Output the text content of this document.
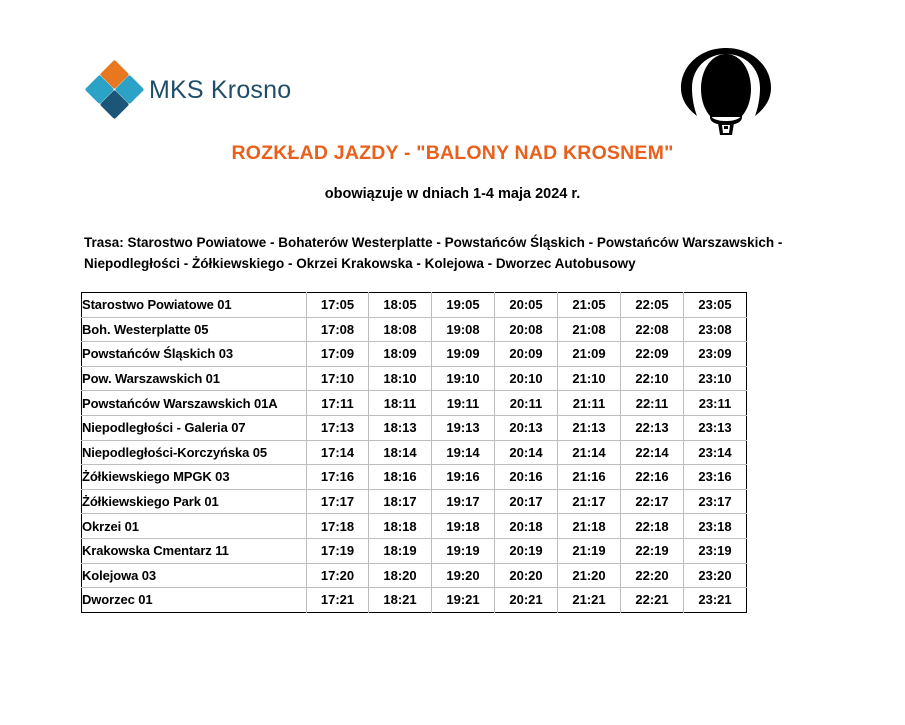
MKS Krosno
ROZKŁAD JAZDY - "BALONY NAD KROSNEM"
obowiązuje w dniach 1-4 maja 2024 r.
Trasa: Starostwo Powiatowe - Bohaterów Westerplatte - Powstańców Śląskich - Powstańców Warszawskich -
Niepodległości - Żółkiewskiego - Okrzei Krakowska - Kolejowa - Dworzec Autobusowy
Starostwo Powiatowe 01	17:05	18:05	19:05	20:05	21:05	22:05	23:05
Boh. Westerplatte 05	17:08	18:08	19:08	20:08	21:08	22:08	23:08
Powstańców Śląskich 03	17:09	18:09	19:09	20:09	21:09	22:09	23:09
Pow. Warszawskich 01	17:10	18:10	19:10	20:10	21:10	22:10	23:10
Powstańców Warszawskich 01A	17:11	18:11	19:11	20:11	21:11	22:11	23:11
Niepodległości - Galeria 07	17:13	18:13	19:13	20:13	21:13	22:13	23:13
Niepodległości-Korczyńska 05	17:14	18:14	19:14	20:14	21:14	22:14	23:14
Żółkiewskiego MPGK 03	17:16	18:16	19:16	20:16	21:16	22:16	23:16
Żółkiewskiego Park 01	17:17	18:17	19:17	20:17	21:17	22:17	23:17
Okrzei 01	17:18	18:18	19:18	20:18	21:18	22:18	23:18
Krakowska Cmentarz 11	17:19	18:19	19:19	20:19	21:19	22:19	23:19
Kolejowa 03	17:20	18:20	19:20	20:20	21:20	22:20	23:20
Dworzec 01	17:21	18:21	19:21	20:21	21:21	22:21	23:21
